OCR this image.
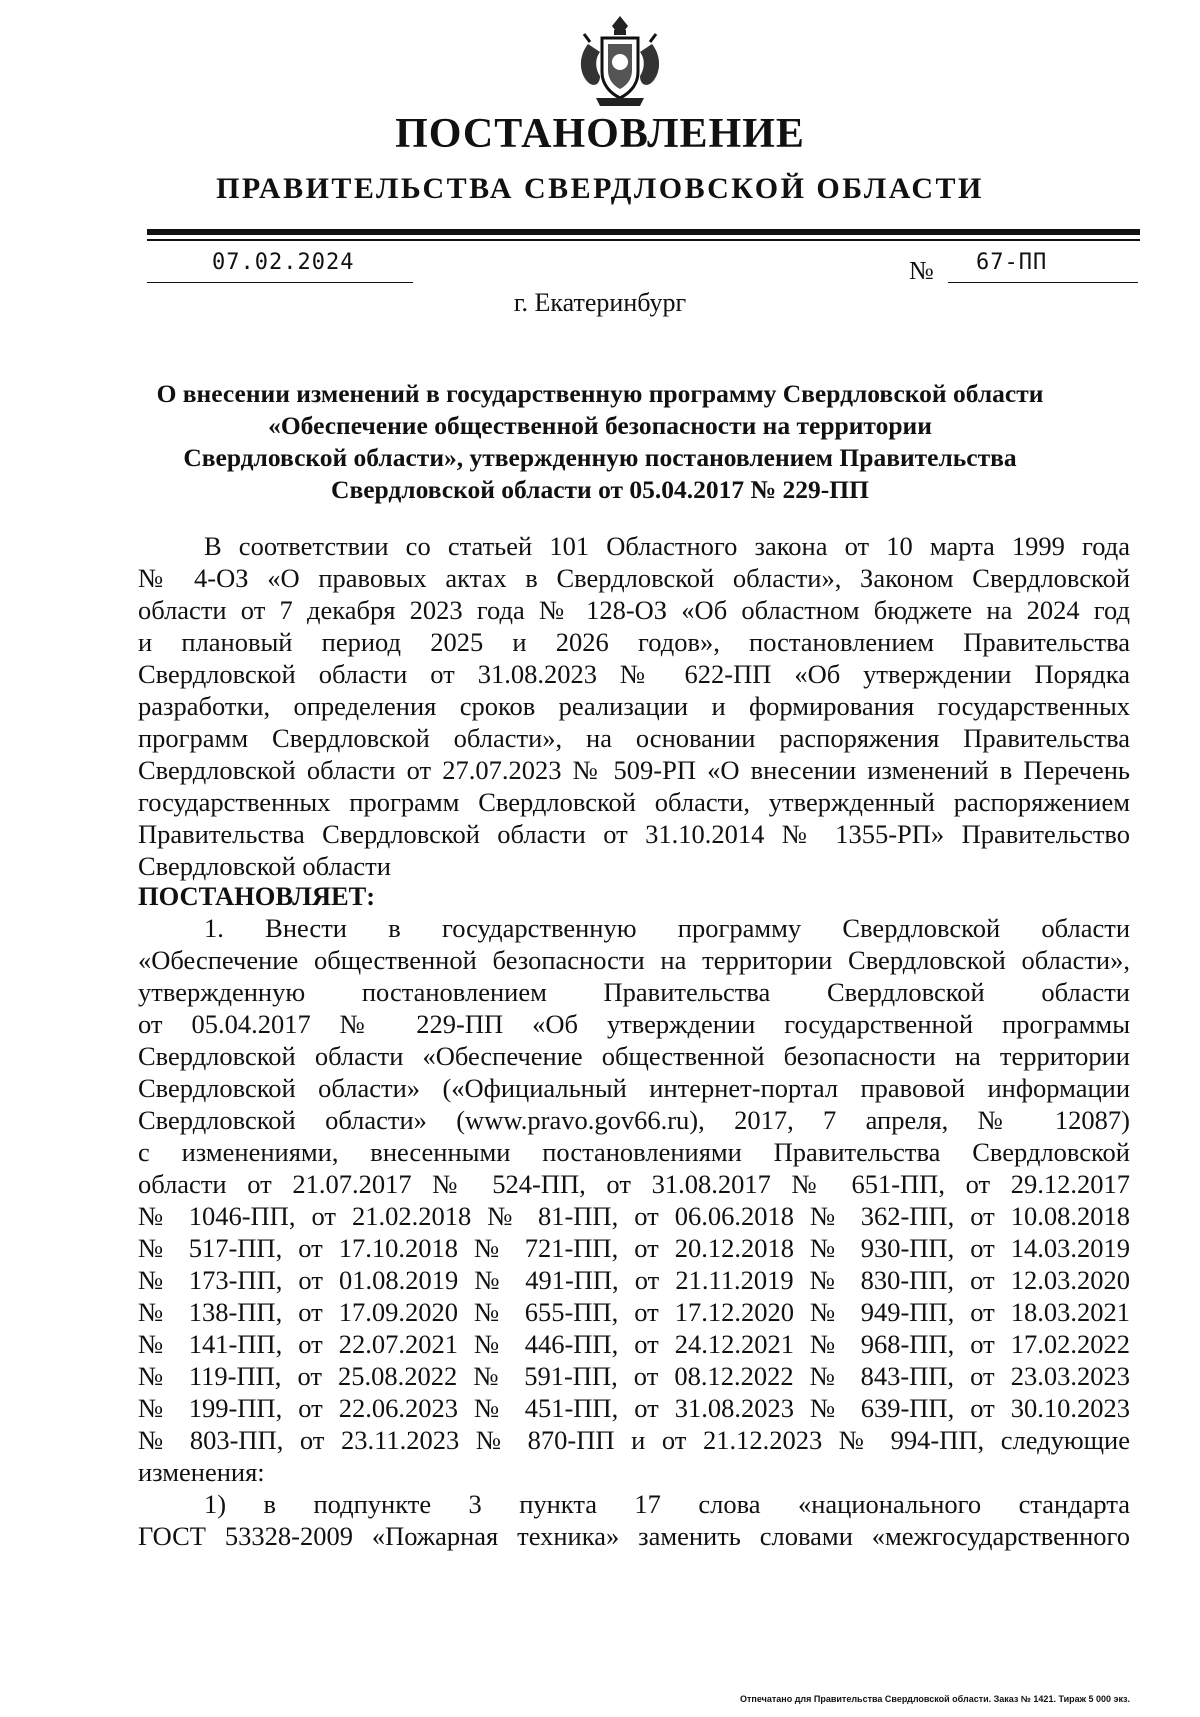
ПОСТАНОВЛЕНИЕ
ПРАВИТЕЛЬСТВА СВЕРДЛОВСКОЙ ОБЛАСТИ
07.02.2024	№ 67-ПП
г. Екатеринбург
О внесении изменений в государственную программу Свердловской области
«Обеспечение общественной безопасности на территории
Свердловской области», утвержденную постановлением Правительства
Свердловской области от 05.04.2017 № 229-ПП
В соответствии со статьей 101 Областного закона от 10 марта 1999 года
№ 4-ОЗ «О правовых актах в Свердловской области», Законом Свердловской
области от 7 декабря 2023 года № 128-ОЗ «Об областном бюджете на 2024 год
и плановый период 2025 и 2026 годов», постановлением Правительства
Свердловской области от 31.08.2023 № 622-ПП «Об утверждении Порядка
разработки, определения сроков реализации и формирования государственных
программ Свердловской области», на основании распоряжения Правительства
Свердловской области от 27.07.2023 № 509-РП «О внесении изменений в Перечень
государственных программ Свердловской области, утвержденный распоряжением
Правительства Свердловской области от 31.10.2014 № 1355-РП» Правительство
Свердловской области
ПОСТАНОВЛЯЕТ:
1. Внести в государственную программу Свердловской области
«Обеспечение общественной безопасности на территории Свердловской области»,
утвержденную постановлением Правительства Свердловской области
от 05.04.2017 № 229-ПП «Об утверждении государственной программы
Свердловской области «Обеспечение общественной безопасности на территории
Свердловской области» («Официальный интернет-портал правовой информации
Свердловской области» (www.pravo.gov66.ru), 2017, 7 апреля, № 12087)
с изменениями, внесенными постановлениями Правительства Свердловской
области от 21.07.2017 № 524-ПП, от 31.08.2017 № 651-ПП, от 29.12.2017
№ 1046-ПП, от 21.02.2018 № 81-ПП, от 06.06.2018 № 362-ПП, от 10.08.2018
№ 517-ПП, от 17.10.2018 № 721-ПП, от 20.12.2018 № 930-ПП, от 14.03.2019
№ 173-ПП, от 01.08.2019 № 491-ПП, от 21.11.2019 № 830-ПП, от 12.03.2020
№ 138-ПП, от 17.09.2020 № 655-ПП, от 17.12.2020 № 949-ПП, от 18.03.2021
№ 141-ПП, от 22.07.2021 № 446-ПП, от 24.12.2021 № 968-ПП, от 17.02.2022
№ 119-ПП, от 25.08.2022 № 591-ПП, от 08.12.2022 № 843-ПП, от 23.03.2023
№ 199-ПП, от 22.06.2023 № 451-ПП, от 31.08.2023 № 639-ПП, от 30.10.2023
№ 803-ПП, от 23.11.2023 № 870-ПП и от 21.12.2023 № 994-ПП, следующие
изменения:
1) в подпункте 3 пункта 17 слова «национального стандарта
ГОСТ 53328-2009 «Пожарная техника» заменить словами «межгосударственного
Отпечатано для Правительства Свердловской области. Заказ № 1421. Тираж 5 000 экз.
